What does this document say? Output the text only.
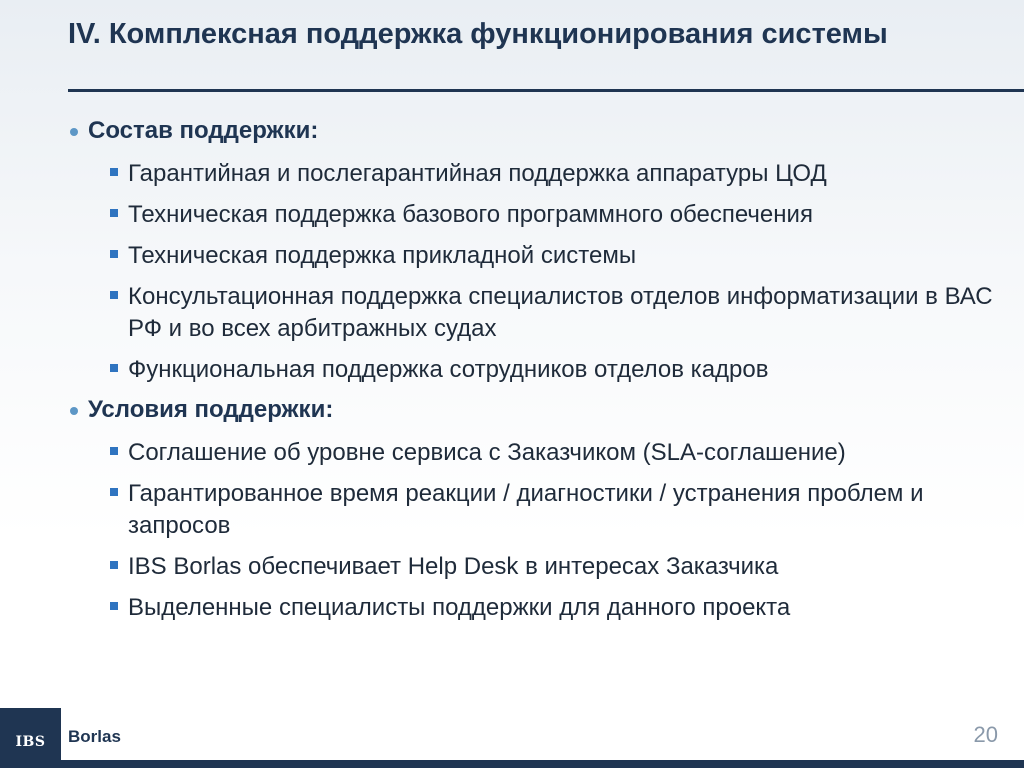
IV. Комплексная поддержка функционирования системы
Состав поддержки:
Гарантийная и послегарантийная поддержка аппаратуры ЦОД
Техническая поддержка базового программного обеспечения
Техническая поддержка прикладной системы
Консультационная поддержка специалистов отделов информатизации в ВАС РФ и во всех арбитражных судах
Функциональная поддержка сотрудников отделов кадров
Условия поддержки:
Соглашение об уровне сервиса с Заказчиком (SLA-соглашение)
Гарантированное время реакции / диагностики / устранения проблем и запросов
IBS Borlas обеспечивает Help Desk в интересах Заказчика
Выделенные специалисты поддержки для данного проекта
IBS	Borlas	20
